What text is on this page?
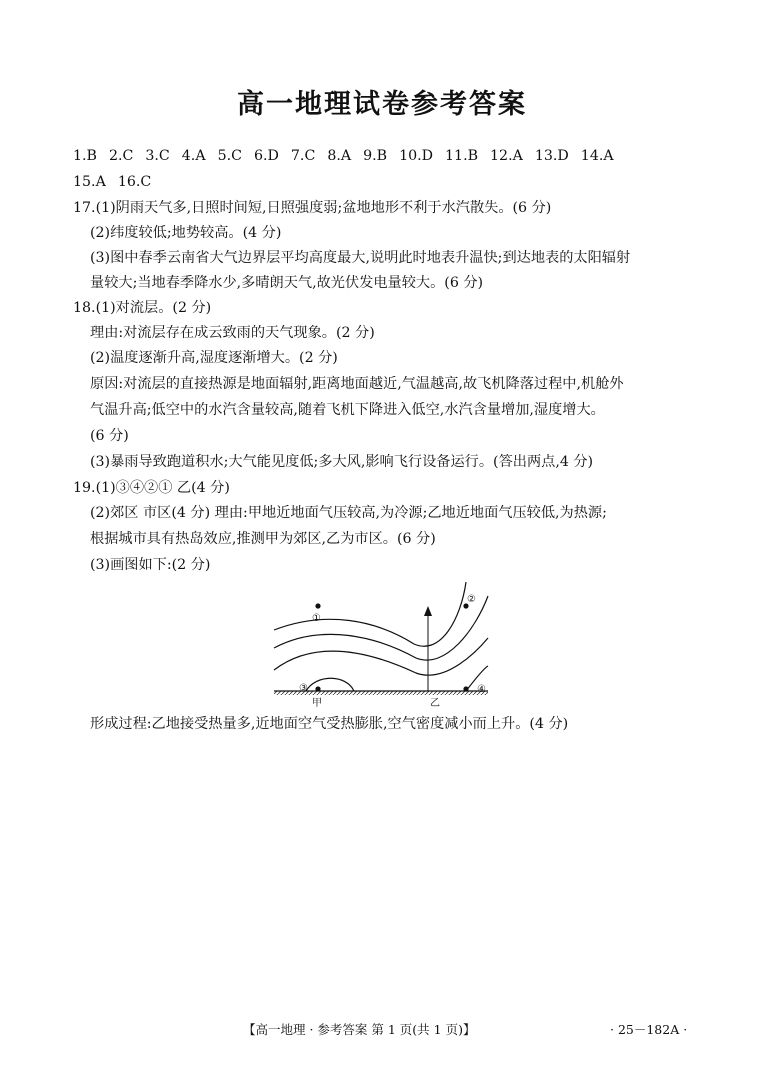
高一地理试卷参考答案
1.B 2.C 3.C 4.A 5.C 6.D 7.C 8.A 9.B 10.D 11.B 12.A 13.D 14.A
15.A 16.C
17.(1)阴雨天气多,日照时间短,日照强度弱;盆地地形不利于水汽散失。(6 分)
(2)纬度较低;地势较高。(4 分)
(3)图中春季云南省大气边界层平均高度最大,说明此时地表升温快;到达地表的太阳辐射
量较大;当地春季降水少,多晴朗天气,故光伏发电量较大。(6 分)
18.(1)对流层。(2 分)
理由:对流层存在成云致雨的天气现象。(2 分)
(2)温度逐渐升高,湿度逐渐增大。(2 分)
原因:对流层的直接热源是地面辐射,距离地面越近,气温越高,故飞机降落过程中,机舱外
气温升高;低空中的水汽含量较高,随着飞机下降进入低空,水汽含量增加,湿度增大。
(6 分)
(3)暴雨导致跑道积水;大气能见度低;多大风,影响飞行设备运行。(答出两点,4 分)
19.(1)③④②① 乙(4 分)
(2)郊区 市区(4 分) 理由:甲地近地面气压较高,为冷源;乙地近地面气压较低,为热源;
根据城市具有热岛效应,推测甲为郊区,乙为市区。(6 分)
(3)画图如下:(2 分)
①
②
③	④
甲	乙
形成过程:乙地接受热量多,近地面空气受热膨胀,空气密度减小而上升。(4 分)
【高一地理 · 参考答案 第 1 页(共 1 页)】	· 25－182A ·
